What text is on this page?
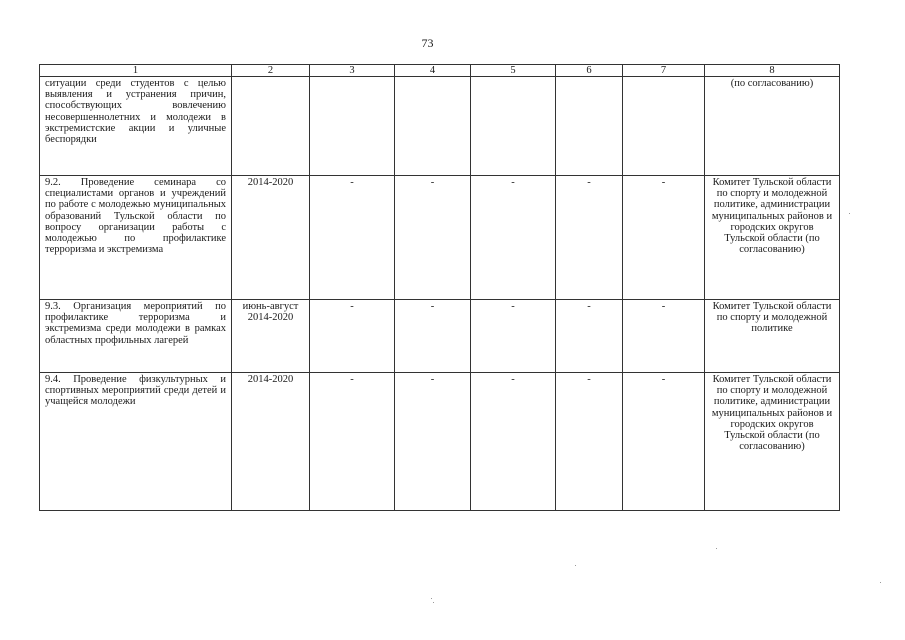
73
1	2	3	4	5	6	7	8
ситуации среди студентов с целью выявления и устранения причин, способствующих вовлечению несовершеннолетних и молодежи в экстремистские акции и уличные беспорядки							(по согласованию)
9.2. Проведение семинара со специалистами органов и учреждений по работе с молодежью муниципальных образований Тульской области по вопросу организации работы с молодежью по профилактике терроризма и экстремизма	2014-2020	-	-	-	-	-	Комитет Тульской области по спорту и молодежной политике, администрации муниципальных районов и городских округов Тульской области (по согласованию)
9.3. Организация мероприятий по профилактике терроризма и экстремизма среди молодежи в рамках областных профильных лагерей	июнь-август 2014-2020	-	-	-	-	-	Комитет Тульской области по спорту и молодежной политике
9.4. Проведение физкультурных и спортивных мероприятий среди детей и учащейся молодежи	2014-2020	-	-	-	-	-	Комитет Тульской области по спорту и молодежной политике, администрации муниципальных районов и городских округов Тульской области (по согласованию)
